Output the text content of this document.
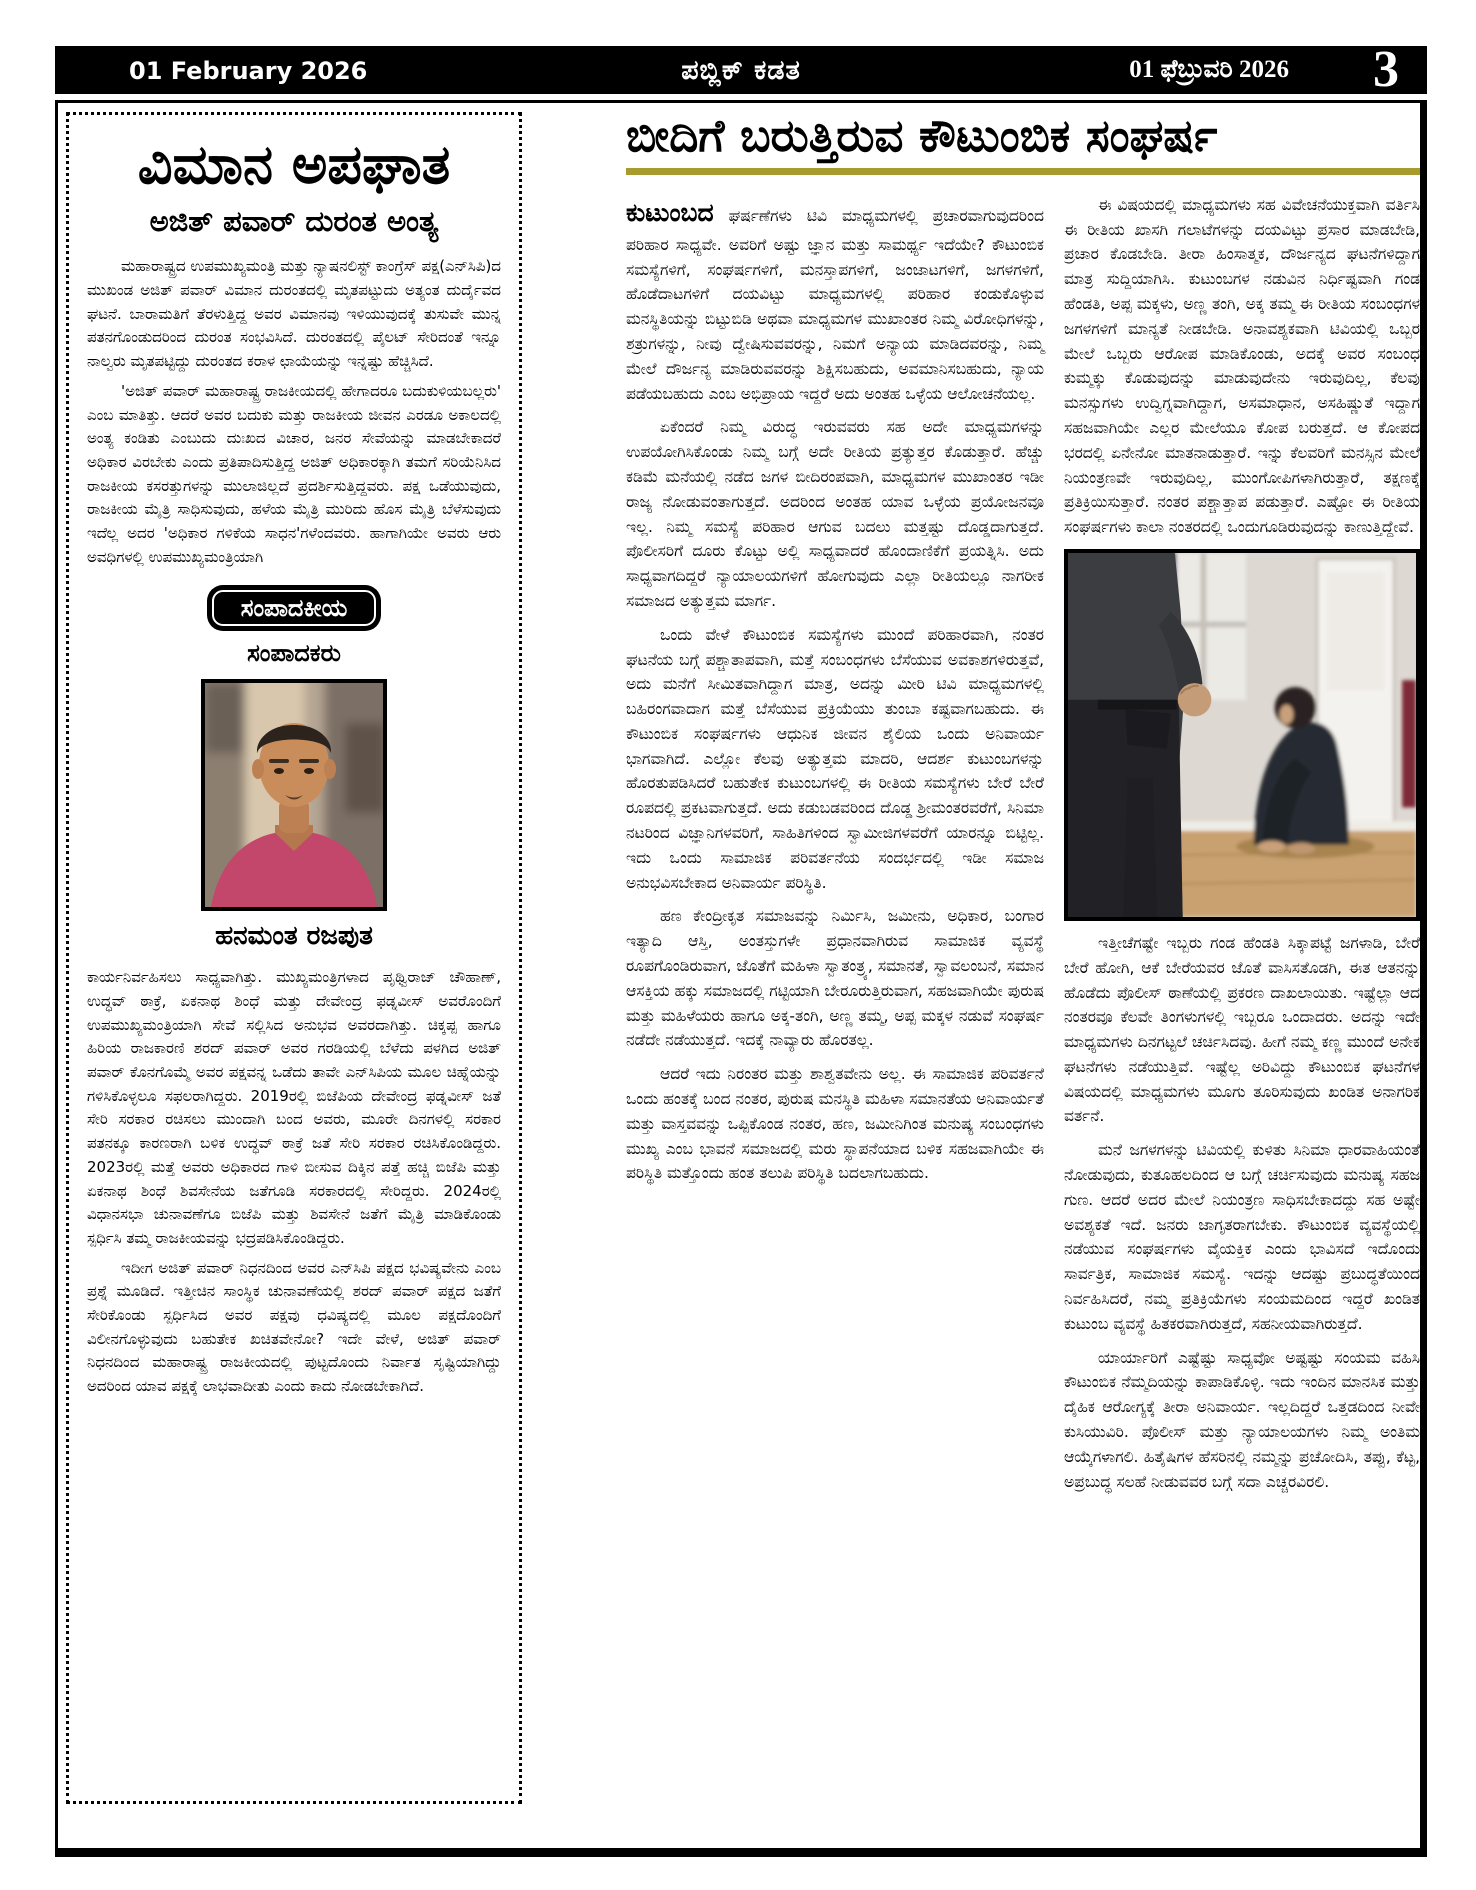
01 February 2026	ಪಬ್ಲಿಕ್ ಕಡತ	01 ಫೆಬ್ರುವರಿ 2026 3
ವಿಮಾನ ಅಪಘಾತ
ಅಜಿತ್ ಪವಾರ್ ದುರಂತ ಅಂತ್ಯ

ಮಹಾರಾಷ್ಟ್ರದ ಉಪಮುಖ್ಯಮಂತ್ರಿ ಮತ್ತು ನ್ಯಾಷನಲಿಸ್ಟ್ ಕಾಂಗ್ರೆಸ್ ಪಕ್ಷ(ಎನ್‌ಸಿಪಿ)ದ ಮುಖಂಡ ಅಜಿತ್ ಪವಾರ್ ವಿಮಾನ ದುರಂತದಲ್ಲಿ ಮೃತಪಟ್ಟುದು ಅತ್ಯಂತ ದುರ್ದೈವದ ಘಟನೆ. ಬಾರಾಮತಿಗೆ ತೆರಳುತ್ತಿದ್ದ ಅವರ ವಿಮಾನವು ಇಳಿಯುವುದಕ್ಕೆ ತುಸುವೇ ಮುನ್ನ ಪತನಗೊಂಡುದರಿಂದ ದುರಂತ ಸಂಭವಿಸಿದೆ. ದುರಂತದಲ್ಲಿ ಪೈಲಟ್ ಸೇರಿದಂತೆ ಇನ್ನೂ ನಾಲ್ವರು ಮೃತಪಟ್ಟಿದ್ದು ದುರಂತದ ಕರಾಳ ಛಾಯೆಯನ್ನು ಇನ್ನಷ್ಟು ಹೆಚ್ಚಿಸಿದೆ.

'ಅಜಿತ್ ಪವಾರ್ ಮಹಾರಾಷ್ಟ್ರ ರಾಜಕೀಯದಲ್ಲಿ ಹೇಗಾದರೂ ಬದುಕುಳಿಯಬಲ್ಲರು' ಎಂಬ ಮಾತಿತ್ತು. ಆದರೆ ಅವರ ಬದುಕು ಮತ್ತು ರಾಜಕೀಯ ಜೀವನ ಎರಡೂ ಅಕಾಲದಲ್ಲಿ ಅಂತ್ಯ ಕಂಡಿತು ಎಂಬುದು ದುಃಖದ ವಿಚಾರ, ಜನರ ಸೇವೆಯನ್ನು ಮಾಡಬೇಕಾದರೆ ಅಧಿಕಾರ ವಿರಬೇಕು ಎಂದು ಪ್ರತಿಪಾದಿಸುತ್ತಿದ್ದ ಅಜಿತ್ ಅಧಿಕಾರಕ್ಕಾಗಿ ತಮಗೆ ಸರಿಯೆನಿಸಿದ ರಾಜಕೀಯ ಕಸರತ್ತುಗಳನ್ನು ಮುಲಾಜಿಲ್ಲದೆ ಪ್ರದರ್ಶಿಸುತ್ತಿದ್ದವರು. ಪಕ್ಷ ಒಡೆಯುವುದು, ರಾಜಕೀಯ ಮೈತ್ರಿ ಸಾಧಿಸುವುದು, ಹಳೆಯ ಮೈತ್ರಿ ಮುರಿದು ಹೊಸ ಮೈತ್ರಿ ಬೆಳೆಸುವುದು ಇದೆಲ್ಲ ಅದರ 'ಅಧಿಕಾರ ಗಳಿಕೆಯ ಸಾಧನ'ಗಳೆಂದವರು. ಹಾಗಾಗಿಯೇ ಅವರು ಆರು ಅವಧಿಗಳಲ್ಲಿ ಉಪಮುಖ್ಯಮಂತ್ರಿಯಾಗಿ

ಸಂಪಾದಕೀಯ
ಸಂಪಾದಕರು
ಹನಮಂತ ರಜಪುತ

ಕಾರ್ಯನಿರ್ವಹಿಸಲು ಸಾಧ್ಯವಾಗಿತ್ತು. ಮುಖ್ಯಮಂತ್ರಿಗಳಾದ ಪೃಥ್ವಿರಾಜ್ ಚೌಹಾಣ್, ಉದ್ಧವ್ ಠಾಕ್ರೆ, ಏಕನಾಥ ಶಿಂಧೆ ಮತ್ತು ದೇವೇಂದ್ರ ಫಡ್ನವೀಸ್ ಅವರೊಂದಿಗೆ ಉಪಮುಖ್ಯಮಂತ್ರಿಯಾಗಿ ಸೇವೆ ಸಲ್ಲಿಸಿದ ಅನುಭವ ಅವರದಾಗಿತ್ತು. ಚಿಕ್ಕಪ್ಪ ಹಾಗೂ ಹಿರಿಯ ರಾಜಕಾರಣಿ ಶರದ್ ಪವಾರ್ ಅವರ ಗರಡಿಯಲ್ಲಿ ಬೆಳೆದು ಪಳಗಿದ ಅಜಿತ್ ಪವಾರ್ ಕೊನಗೊಮ್ಮೆ ಅವರ ಪಕ್ಷವನ್ನ ಒಡೆದು ತಾವೇ ಎನ್‌ಸಿಪಿಯ ಮೂಲ ಚಿಹ್ನೆಯನ್ನು ಗಳಿಸಿಕೊಳ್ಳಲೂ ಸಫಲರಾಗಿದ್ದರು. 2019ರಲ್ಲಿ ಬಿಜೆಪಿಯ ದೇವೇಂದ್ರ ಫಡ್ನವೀಸ್ ಜತೆ ಸೇರಿ ಸರಕಾರ ರಚಿಸಲು ಮುಂದಾಗಿ ಬಂದ ಅವರು, ಮೂರೇ ದಿನಗಳಲ್ಲಿ ಸರಕಾರ ಪತನಕ್ಕೂ ಕಾರಣರಾಗಿ ಬಳಿಕ ಉದ್ಧವ್ ಠಾಕ್ರೆ ಜತೆ ಸೇರಿ ಸರಕಾರ ರಚಿಸಿಕೊಂಡಿದ್ದರು. 2023ರಲ್ಲಿ ಮತ್ತೆ ಅವರು ಅಧಿಕಾರದ ಗಾಳಿ ಬೀಸುವ ದಿಕ್ಕಿನ ಪತ್ತೆ ಹಚ್ಚಿ ಬಿಜೆಪಿ ಮತ್ತು ಏಕನಾಥ ಶಿಂಧೆ ಶಿವಸೇನೆಯ ಜತೆಗೂಡಿ ಸರಕಾರದಲ್ಲಿ ಸೇರಿದ್ದರು. 2024ರಲ್ಲಿ ವಿಧಾನಸಭಾ ಚುನಾವಣೆಗೂ ಬಿಜೆಪಿ ಮತ್ತು ಶಿವಸೇನೆ ಜತೆಗೆ ಮೈತ್ರಿ ಮಾಡಿಕೊಂಡು ಸ್ಪರ್ಧಿಸಿ ತಮ್ಮ ರಾಜಕೀಯವನ್ನು ಭದ್ರಪಡಿಸಿಕೊಂಡಿದ್ದರು.

ಇದೀಗ ಅಜಿತ್ ಪವಾರ್ ನಿಧನದಿಂದ ಅವರ ಎನ್‌ಸಿಪಿ ಪಕ್ಷದ ಭವಿಷ್ಯವೇನು ಎಂಬ ಪ್ರಶ್ನೆ ಮೂಡಿದೆ. ಇತ್ತೀಚಿನ ಸಾಂಸ್ಥಿಕ ಚುನಾವಣೆಯಲ್ಲಿ ಶರದ್ ಪವಾರ್ ಪಕ್ಷದ ಜತೆಗೆ ಸೇರಿಕೊಂಡು ಸ್ಪರ್ಧಿಸಿದ ಅವರ ಪಕ್ಷವು ಧವಿಷ್ಯದಲ್ಲಿ ಮೂಲ ಪಕ್ಷದೊಂದಿಗೆ ವಿಲೀನಗೊಳ್ಳುವುದು ಬಹುತೇಕ ಖಚಿತವೇನೋ? ಇದೇ ವೇಳೆ, ಅಜಿತ್ ಪವಾರ್ ನಿಧನದಿಂದ ಮಹಾರಾಷ್ಟ್ರ ರಾಜಕೀಯದಲ್ಲಿ ಪುಟ್ಟದೊಂದು ನಿರ್ವಾತ ಸೃಷ್ಟಿಯಾಗಿದ್ದು ಅದರಿಂದ ಯಾವ ಪಕ್ಷಕ್ಕೆ ಲಾಭವಾದೀತು ಎಂದು ಕಾದು ನೋಡಬೇಕಾಗಿದೆ.

ಬೀದಿಗೆ ಬರುತ್ತಿರುವ ಕೌಟುಂಬಿಕ ಸಂಘರ್ಷ

ಕುಟುಂಬದ ಘರ್ಷಣೆಗಳು ಟಿವಿ ಮಾಧ್ಯಮಗಳಲ್ಲಿ ಪ್ರಚಾರವಾಗುವುದರಿಂದ ಪರಿಹಾರ ಸಾಧ್ಯವೇ. ಅವರಿಗೆ ಅಷ್ಟು ಜ್ಞಾನ ಮತ್ತು ಸಾಮರ್ಥ್ಯ ಇದೆಯೇ? ಕೌಟುಂಬಿಕ ಸಮಸ್ಯೆಗಳಿಗೆ, ಸಂಘರ್ಷಗಳಿಗೆ, ಮನಸ್ತಾಪಗಳಿಗೆ, ಜಂಜಾಟಗಳಿಗೆ, ಜಗಳಗಳಿಗೆ, ಹೊಡೆದಾಟಗಳಿಗೆ ದಯವಿಟ್ಟು ಮಾಧ್ಯಮಗಳಲ್ಲಿ ಪರಿಹಾರ ಕಂಡುಕೊಳ್ಳುವ ಮನಸ್ಥಿತಿಯನ್ನು ಬಿಟ್ಟುಬಿಡಿ ಅಥವಾ ಮಾಧ್ಯಮಗಳ ಮುಖಾಂತರ ನಿಮ್ಮ ವಿರೋಧಿಗಳನ್ನು, ಶತ್ರುಗಳನ್ನು, ನೀವು ದ್ವೇಷಿಸುವವರನ್ನು, ನಿಮಗೆ ಅನ್ಯಾಯ ಮಾಡಿದವರನ್ನು, ನಿಮ್ಮ ಮೇಲೆ ದೌರ್ಜನ್ಯ ಮಾಡಿರುವವರನ್ನು ಶಿಕ್ಷಿಸಬಹುದು, ಅವಮಾನಿಸಬಹುದು, ನ್ಯಾಯ ಪಡೆಯಬಹುದು ಎಂಬ ಅಭಿಪ್ರಾಯ ಇದ್ದರೆ ಅದು ಅಂತಹ ಒಳ್ಳೆಯ ಆಲೋಚನೆಯಲ್ಲ.

ಏಕೆಂದರೆ ನಿಮ್ಮ ವಿರುದ್ಧ ಇರುವವರು ಸಹ ಅದೇ ಮಾಧ್ಯಮಗಳನ್ನು ಉಪಯೋಗಿಸಿಕೊಂಡು ನಿಮ್ಮ ಬಗ್ಗೆ ಅದೇ ರೀತಿಯ ಪ್ರತ್ಯುತ್ತರ ಕೊಡುತ್ತಾರೆ. ಹೆಚ್ಚು ಕಡಿಮೆ ಮನೆಯಲ್ಲಿ ನಡೆದ ಜಗಳ ಬೀದಿರಂಪವಾಗಿ, ಮಾಧ್ಯಮಗಳ ಮುಖಾಂತರ ಇಡೀ ರಾಜ್ಯ ನೋಡುವಂತಾಗುತ್ತದೆ. ಅದರಿಂದ ಅಂತಹ ಯಾವ ಒಳ್ಳೆಯ ಪ್ರಯೋಜನವೂ ಇಲ್ಲ. ನಿಮ್ಮ ಸಮಸ್ಯೆ ಪರಿಹಾರ ಆಗುವ ಬದಲು ಮತ್ತಷ್ಟು ದೊಡ್ಡದಾಗುತ್ತದೆ. ಪೊಲೀಸರಿಗೆ ದೂರು ಕೊಟ್ಟು ಅಲ್ಲಿ ಸಾಧ್ಯವಾದರೆ ಹೊಂದಾಣಿಕೆಗೆ ಪ್ರಯತ್ನಿಸಿ. ಅದು ಸಾಧ್ಯವಾಗದಿದ್ದರೆ ನ್ಯಾಯಾಲಯಗಳಿಗೆ ಹೋಗುವುದು ಎಲ್ಲಾ ರೀತಿಯಲ್ಲೂ ನಾಗರೀಕ ಸಮಾಜದ ಅತ್ಯುತ್ತಮ ಮಾರ್ಗ.

ಒಂದು ವೇಳೆ ಕೌಟುಂಬಿಕ ಸಮಸ್ಯೆಗಳು ಮುಂದೆ ಪರಿಹಾರವಾಗಿ, ನಂತರ ಘಟನೆಯ ಬಗ್ಗೆ ಪಶ್ಚಾತಾಪವಾಗಿ, ಮತ್ತೆ ಸಂಬಂಧಗಳು ಬೆಸೆಯುವ ಅವಕಾಶಗಳಿರುತ್ತವೆ, ಅದು ಮನೆಗೆ ಸೀಮಿತವಾಗಿದ್ದಾಗ ಮಾತ್ರ, ಅದನ್ನು ಮೀರಿ ಟಿವಿ ಮಾಧ್ಯಮಗಳಲ್ಲಿ ಬಹಿರಂಗವಾದಾಗ ಮತ್ತೆ ಬೆಸೆಯುವ ಪ್ರಕ್ರಿಯೆಯು ತುಂಬಾ ಕಷ್ಟವಾಗಬಹುದು. ಈ ಕೌಟುಂಬಿಕ ಸಂಘರ್ಷಗಳು ಆಧುನಿಕ ಜೀವನ ಶೈಲಿಯ ಒಂದು ಅನಿವಾರ್ಯ ಭಾಗವಾಗಿದೆ. ಎಲ್ಲೋ ಕೆಲವು ಅತ್ಯುತ್ತಮ ಮಾದರಿ, ಆದರ್ಶ ಕುಟುಂಬಗಳನ್ನು ಹೊರತುಪಡಿಸಿದರೆ ಬಹುತೇಕ ಕುಟುಂಬಗಳಲ್ಲಿ ಈ ರೀತಿಯ ಸಮಸ್ಯೆಗಳು ಬೇರೆ ಬೇರೆ ರೂಪದಲ್ಲಿ ಪ್ರಕಟವಾಗುತ್ತದೆ. ಅದು ಕಡುಬಡವರಿಂದ ದೊಡ್ಡ ಶ್ರೀಮಂತರವರೆಗೆ, ಸಿನಿಮಾ ನಟರಿಂದ ವಿಜ್ಞಾನಿಗಳವರಿಗೆ, ಸಾಹಿತಿಗಳಿಂದ ಸ್ವಾಮೀಜಿಗಳವರೆಗೆ ಯಾರನ್ನೂ ಬಿಟ್ಟಿಲ್ಲ. ಇದು ಒಂದು ಸಾಮಾಜಿಕ ಪರಿವರ್ತನೆಯ ಸಂದರ್ಭದಲ್ಲಿ ಇಡೀ ಸಮಾಜ ಅನುಭವಿಸಬೇಕಾದ ಅನಿವಾರ್ಯ ಪರಿಸ್ಥಿತಿ.

ಹಣ ಕೇಂದ್ರೀಕೃತ ಸಮಾಜವನ್ನು ನಿರ್ಮಿಸಿ, ಜಮೀನು, ಅಧಿಕಾರ, ಬಂಗಾರ ಇತ್ಯಾದಿ ಆಸ್ತಿ, ಅಂತಸ್ತುಗಳೇ ಪ್ರಧಾನವಾಗಿರುವ ಸಾಮಾಜಿಕ ವ್ಯವಸ್ಥೆ ರೂಪಗೊಂಡಿರುವಾಗ, ಜೊತೆಗೆ ಮಹಿಳಾ ಸ್ವಾತಂತ್ರ್ಯ, ಸಮಾನತೆ, ಸ್ವಾವಲಂಬನೆ, ಸಮಾನ ಆಸಕ್ತಿಯ ಹಕ್ಕು ಸಮಾಜದಲ್ಲಿ ಗಟ್ಟಿಯಾಗಿ ಬೇರೂರುತ್ತಿರುವಾಗ, ಸಹಜವಾಗಿಯೇ ಪುರುಷ ಮತ್ತು ಮಹಿಳೆಯರು ಹಾಗೂ ಅಕ್ಕ-ತಂಗಿ, ಅಣ್ಣ ತಮ್ಮ, ಅಪ್ಪ ಮಕ್ಕಳ ನಡುವೆ ಸಂಘರ್ಷ ನಡೆದೇ ನಡೆಯುತ್ತದೆ. ಇದಕ್ಕೆ ನಾವ್ಯಾರು ಹೊರತಲ್ಲ.

ಆದರೆ ಇದು ನಿರಂತರ ಮತ್ತು ಶಾಶ್ವತವೇನು ಅಲ್ಲ. ಈ ಸಾಮಾಜಿಕ ಪರಿವರ್ತನೆ ಒಂದು ಹಂತಕ್ಕೆ ಬಂದ ನಂತರ, ಪುರುಷ ಮನಸ್ಥಿತಿ ಮಹಿಳಾ ಸಮಾನತೆಯ ಅನಿವಾರ್ಯತೆ ಮತ್ತು ವಾಸ್ತವವನ್ನು ಒಪ್ಪಿಕೊಂಡ ನಂತರ, ಹಣ, ಜಮೀನಿಗಿಂತ ಮನುಷ್ಯ ಸಂಬಂಧಗಳು ಮುಖ್ಯ ಎಂಬ ಭಾವನೆ ಸಮಾಜದಲ್ಲಿ ಮರು ಸ್ಥಾಪನೆಯಾದ ಬಳಿಕ ಸಹಜವಾಗಿಯೇ ಈ ಪರಿಸ್ಥಿತಿ ಮತ್ತೊಂದು ಹಂತ ತಲುಪಿ ಪರಿಸ್ಥಿತಿ ಬದಲಾಗಬಹುದು.

ಈ ವಿಷಯದಲ್ಲಿ ಮಾಧ್ಯಮಗಳು ಸಹ ವಿವೇಚನೆಯುಕ್ತವಾಗಿ ವರ್ತಿಸಿ ಈ ರೀತಿಯ ಖಾಸಗಿ ಗಲಾಟೆಗಳನ್ನು ದಯವಿಟ್ಟು ಪ್ರಸಾರ ಮಾಡಬೇಡಿ, ಪ್ರಚಾರ ಕೊಡಬೇಡಿ. ತೀರಾ ಹಿಂಸಾತ್ಮಕ, ದೌರ್ಜನ್ಯದ ಘಟನೆಗಳಿದ್ದಾಗ ಮಾತ್ರ ಸುದ್ದಿಯಾಗಿಸಿ. ಕುಟುಂಬಗಳ ನಡುವಿನ ನಿರ್ಧಿಷ್ಟವಾಗಿ ಗಂಡ ಹೆಂಡತಿ, ಅಪ್ಪ ಮಕ್ಕಳು, ಅಣ್ಣ ತಂಗಿ, ಅಕ್ಕ ತಮ್ಮ ಈ ರೀತಿಯ ಸಂಬಂಧಗಳ ಜಗಳಗಳಿಗೆ ಮಾನ್ಯತೆ ನೀಡಬೇಡಿ. ಅನಾವಶ್ಯಕವಾಗಿ ಟಿವಿಯಲ್ಲಿ ಒಬ್ಬರ ಮೇಲೆ ಒಬ್ಬರು ಆರೋಪ ಮಾಡಿಕೊಂಡು, ಅದಕ್ಕೆ ಅವರ ಸಂಬಂಧ ಕುಮ್ಮಕ್ಕು ಕೊಡುವುದನ್ನು ಮಾಡುವುದೇನು ಇರುವುದಿಲ್ಲ, ಕೆಲವು ಮನಸ್ಸುಗಳು ಉದ್ವಿಗ್ನವಾಗಿದ್ದಾಗ, ಅಸಮಾಧಾನ, ಅಸಹಿಷ್ಣುತೆ ಇದ್ದಾಗ ಸಹಜವಾಗಿಯೇ ಎಲ್ಲರ ಮೇಲೆಯೂ ಕೋಪ ಬರುತ್ತದೆ. ಆ ಕೋಪದ ಭರದಲ್ಲಿ ಏನೇನೋ ಮಾತನಾಡುತ್ತಾರೆ. ಇನ್ನು ಕೆಲವರಿಗೆ ಮನಸ್ಸಿನ ಮೇಲೆ ನಿಯಂತ್ರಣವೇ ಇರುವುದಿಲ್ಲ, ಮುಂಗೋಪಿಗಳಾಗಿರುತ್ತಾರೆ, ತಕ್ಷಣಕ್ಕೆ ಪ್ರತಿಕ್ರಿಯಿಸುತ್ತಾರೆ. ನಂತರ ಪಶ್ಚಾತ್ತಾಪ ಪಡುತ್ತಾರೆ. ಎಷ್ಟೋ ಈ ರೀತಿಯ ಸಂಘರ್ಷಗಳು ಕಾಲಾ ನಂತರದಲ್ಲಿ ಒಂದುಗೂಡಿರುವುದನ್ನು ಕಾಣುತ್ತಿದ್ದೇವೆ.

ಇತ್ತೀಚೆಗಷ್ಟೇ ಇಬ್ಬರು ಗಂಡ ಹೆಂಡತಿ ಸಿಕ್ಕಾಪಟ್ಟೆ ಜಗಳಾಡಿ, ಬೇರೆ ಬೇರೆ ಹೋಗಿ, ಆಕೆ ಬೇರೆಯವರ ಜೊತೆ ವಾಸಿಸತೊಡಗಿ, ಈತ ಆತನನ್ನು ಹೊಡೆದು ಪೊಲೀಸ್ ಠಾಣೆಯಲ್ಲಿ ಪ್ರಕರಣ ದಾಖಲಾಯಿತು. ಇಷ್ಟೆಲ್ಲಾ ಆದ ನಂತರವೂ ಕೆಲವೇ ತಿಂಗಳುಗಳಲ್ಲಿ ಇಬ್ಬರೂ ಒಂದಾದರು. ಅದನ್ನು ಇದೇ ಮಾಧ್ಯಮಗಳು ದಿನಗಟ್ಟಲೆ ಚರ್ಚಿಸಿದವು. ಹೀಗೆ ನಮ್ಮ ಕಣ್ಣ ಮುಂದೆ ಅನೇಕ ಘಟನೆಗಳು ನಡೆಯುತ್ತಿವೆ. ಇಷ್ಟೆಲ್ಲ ಅರಿವಿದ್ದು ಕೌಟುಂಬಿಕ ಘಟನೆಗಳ ವಿಷಯದಲ್ಲಿ ಮಾಧ್ಯಮಗಳು ಮೂಗು ತೂರಿಸುವುದು ಖಂಡಿತ ಅನಾಗರಿಕ ವರ್ತನೆ.

ಮನೆ ಜಗಳಗಳನ್ನು ಟಿವಿಯಲ್ಲಿ ಕುಳಿತು ಸಿನಿಮಾ ಧಾರವಾಹಿಯಂತೆ ನೋಡುವುದು, ಕುತೂಹಲದಿಂದ ಆ ಬಗ್ಗೆ ಚರ್ಚಿಸುವುದು ಮನುಷ್ಯ ಸಹಜ ಗುಣ. ಆದರೆ ಅದರ ಮೇಲೆ ನಿಯಂತ್ರಣ ಸಾಧಿಸಬೇಕಾದದ್ದು ಸಹ ಅಷ್ಟೇ ಅವಶ್ಯಕತೆ ಇದೆ. ಜನರು ಜಾಗೃತರಾಗಬೇಕು. ಕೌಟುಂಬಿಕ ವ್ಯವಸ್ಥೆಯಲ್ಲಿ ನಡೆಯುವ ಸಂಘರ್ಷಗಳು ವೈಯಕ್ತಿಕ ಎಂದು ಭಾವಿಸದೆ ಇದೊಂದು ಸಾರ್ವತ್ರಿಕ, ಸಾಮಾಜಿಕ ಸಮಸ್ಯೆ. ಇದನ್ನು ಆದಷ್ಟು ಪ್ರಬುದ್ಧತೆಯಿಂದ ನಿರ್ವಹಿಸಿದರೆ, ನಮ್ಮ ಪ್ರತಿಕ್ರಿಯೆಗಳು ಸಂಯಮದಿಂದ ಇದ್ದರೆ ಖಂಡಿತ ಕುಟುಂಬ ವ್ಯವಸ್ಥೆ ಹಿತಕರವಾಗಿರುತ್ತದೆ, ಸಹನೀಯವಾಗಿರುತ್ತದೆ.

ಯಾರ್ಯಾರಿಗೆ ಎಷ್ಟೆಷ್ಟು ಸಾಧ್ಯವೋ ಅಷ್ಟಷ್ಟು ಸಂಯಮ ವಹಿಸಿ ಕೌಟುಂಬಿಕ ನೆಮ್ಮದಿಯನ್ನು ಕಾಪಾಡಿಕೊಳ್ಳಿ. ಇದು ಇಂದಿನ ಮಾನಸಿಕ ಮತ್ತು ದೈಹಿಕ ಆರೋಗ್ಯಕ್ಕೆ ತೀರಾ ಅನಿವಾರ್ಯ. ಇಲ್ಲದಿದ್ದರೆ ಒತ್ತಡದಿಂದ ನೀವೇ ಕುಸಿಯುವಿರಿ. ಪೊಲೀಸ್ ಮತ್ತು ನ್ಯಾಯಾಲಯಗಳು ನಿಮ್ಮ ಅಂತಿಮ ಆಯ್ಕೆಗಳಾಗಲಿ. ಹಿತೈಷಿಗಳ ಹೆಸರಿನಲ್ಲಿ ನಮ್ಮನ್ನು ಪ್ರಚೋದಿಸಿ, ತಪ್ಪು, ಕೆಟ್ಟ, ಅಪ್ರಬುದ್ಧ ಸಲಹೆ ನೀಡುವವರ ಬಗ್ಗೆ ಸದಾ ಎಚ್ಚರವಿರಲಿ.
